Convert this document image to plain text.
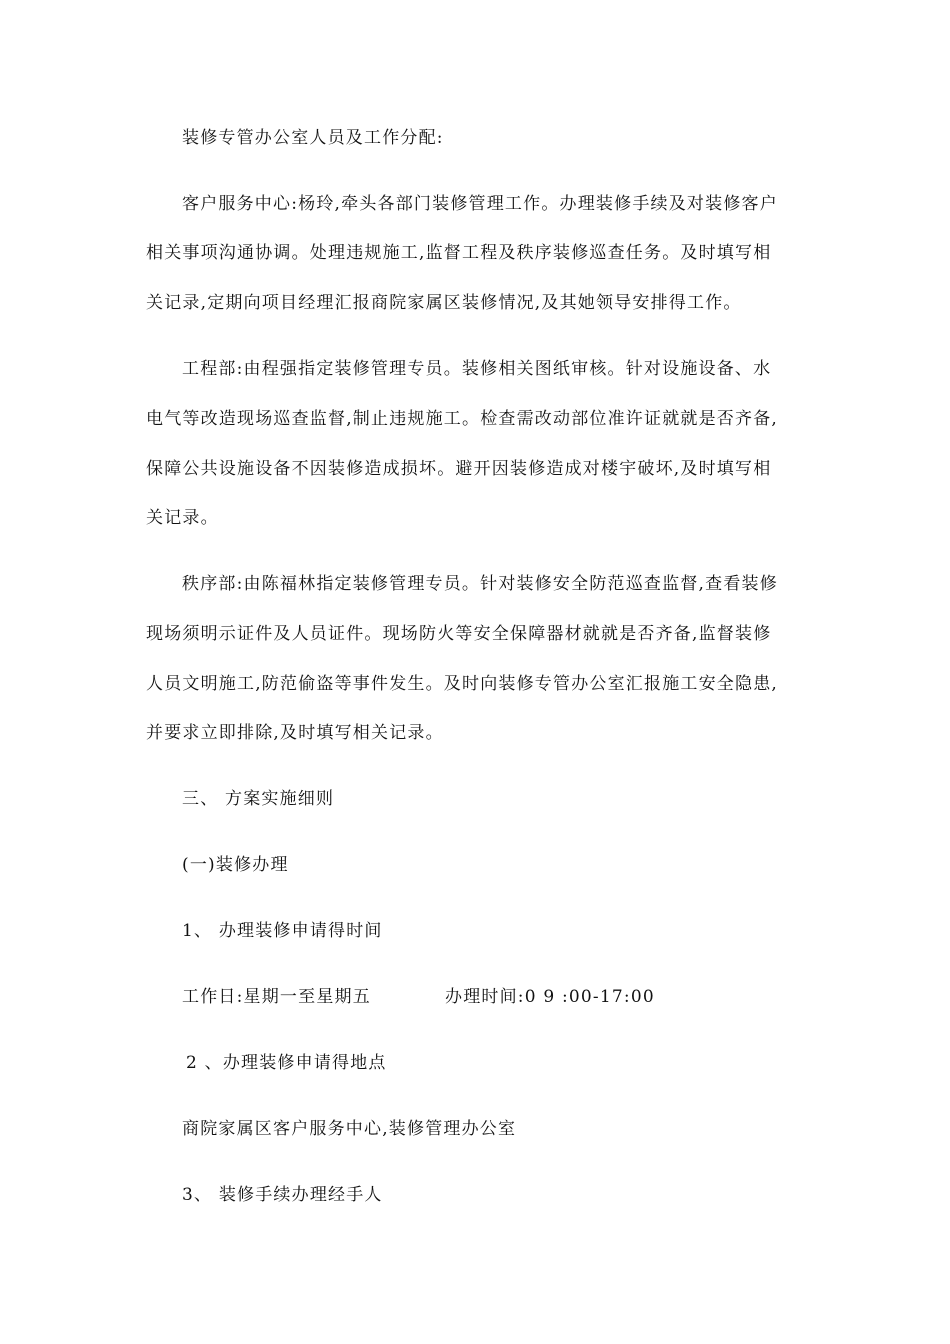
装修专管办公室人员及工作分配:
客户服务中心:杨玲,牵头各部门装修管理工作。办理装修手续及对装修客户
相关事项沟通协调。处理违规施工,监督工程及秩序装修巡查任务。及时填写相
关记录,定期向项目经理汇报商院家属区装修情况,及其她领导安排得工作。
工程部:由程强指定装修管理专员。装修相关图纸审核。针对设施设备、水
电气等改造现场巡查监督,制止违规施工。检查需改动部位准许证就就是否齐备,
保障公共设施设备不因装修造成损坏。避开因装修造成对楼宇破坏,及时填写相
关记录。
秩序部:由陈福林指定装修管理专员。针对装修安全防范巡查监督,查看装修
现场须明示证件及人员证件。现场防火等安全保障器材就就是否齐备,监督装修
人员文明施工,防范偷盗等事件发生。及时向装修专管办公室汇报施工安全隐患,
并要求立即排除,及时填写相关记录。
三、 方案实施细则
(一)装修办理
1、 办理装修申请得时间
工作日:星期一至星期五	办理时间:0 9 :00-17:00
2 、办理装修申请得地点
商院家属区客户服务中心,装修管理办公室
3、 装修手续办理经手人
